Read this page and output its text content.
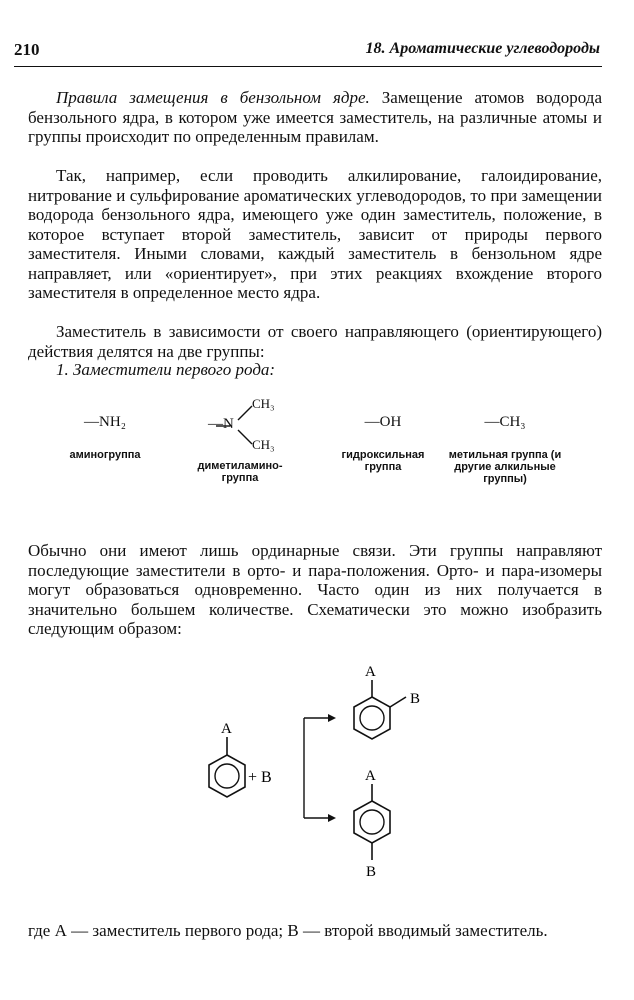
210	18. Ароматические углеводороды

Правила замещения в бензольном ядре. Замещение атомов водорода бензольного ядра, в котором уже имеется заместитель, на различные атомы и группы происходит по определенным правилам.

Так, например, если проводить алкилирование, галоидирование, нитрование и сульфирование ароматических углеводородов, то при замещении водорода бензольного ядра, имеющего уже один заместитель, положение, в которое вступает второй заместитель, зависит от природы первого заместителя. Иными словами, каждый заместитель в бензольном ядре направляет, или «ориентирует», при этих реакциях вхождение второго заместителя в определенное место ядра.

Заместитель в зависимости от своего направляющего (ориентирующего) действия делятся на две группы:

1. Заместители первого рода:

—NH₂
аминогруппа
—N
CH₃
CH₃
диметиламино-группа
—OH
гидроксильная группа
—CH₃
метильная группа (и другие алкильные группы)

Обычно они имеют лишь ординарные связи. Эти группы направляют последующие заместители в орто- и пара-положения. Орто- и пара-изомеры могут образоваться одновременно. Часто один из них получается в значительно большем количестве. Схематически это можно изобразить следующим образом:

A
+ B
A
B
A
B

где А — заместитель первого рода; В — второй вводимый заместитель.
